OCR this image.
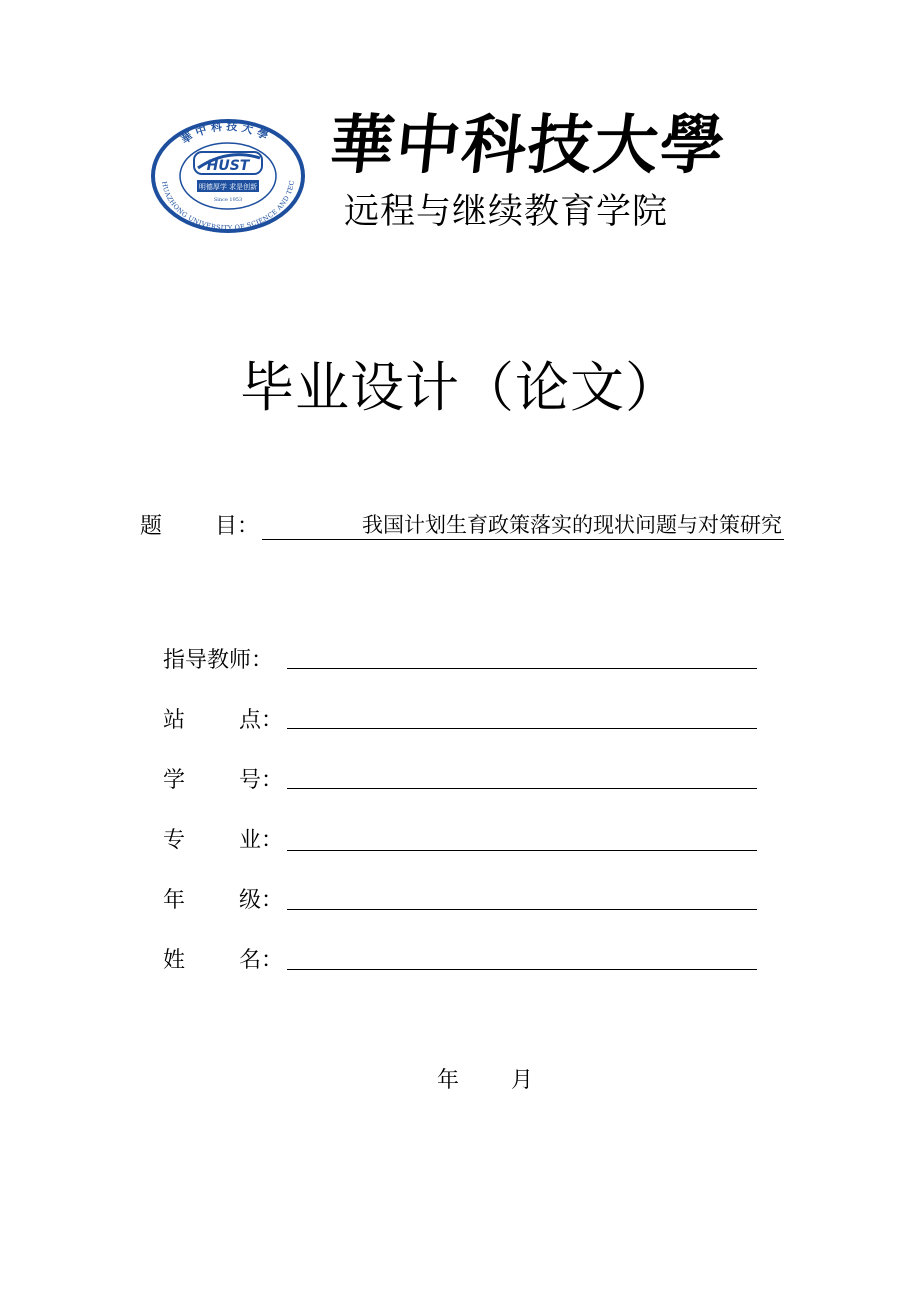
華中科技大學
HUAZHONG UNIVERSITY OF SCIENCE AND TEC
HUST
明德厚学 求是创新
Since 1953
華中科技大學
远程与继续教育学院
毕业设计（论文）
题 目：	我国计划生育政策落实的现状问题与对策研究
指导教师：
站 点：
学 号：
专 业：
年 级：
姓 名：
年 月
